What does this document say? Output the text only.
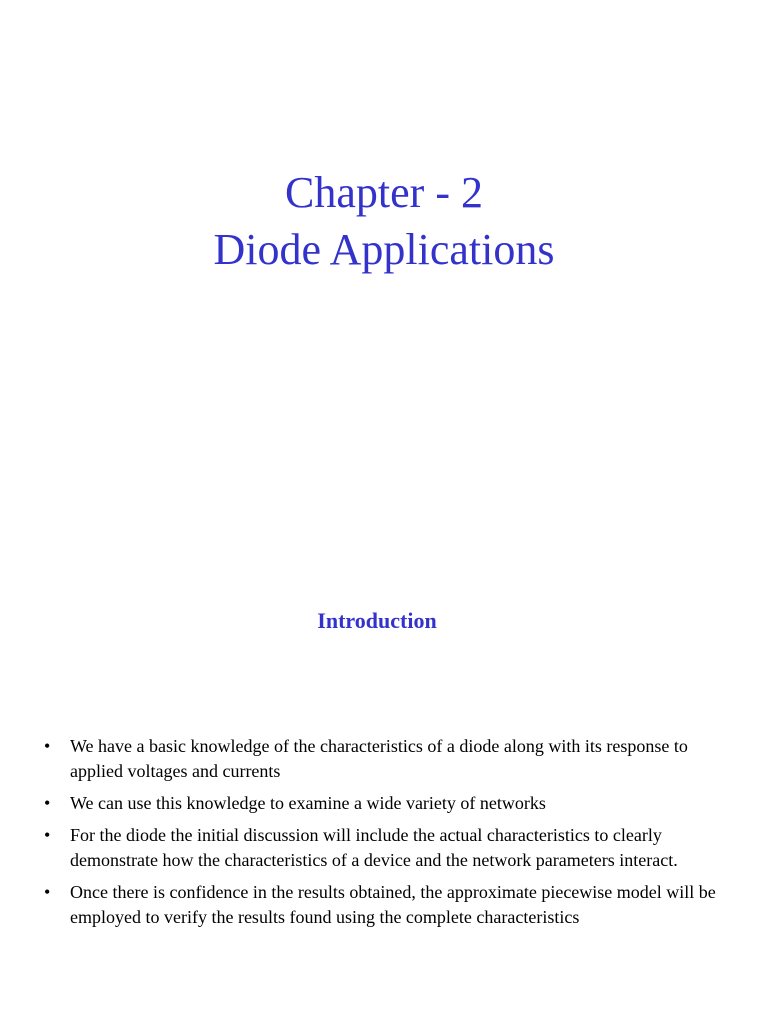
Chapter - 2
Diode Applications
Introduction
•	We have a basic knowledge of the characteristics of a diode along with its response to applied voltages and currents
•	We can use this knowledge to examine a wide variety of networks
•	For the diode the initial discussion will include the actual characteristics to clearly demonstrate how the characteristics of a device and the network parameters interact.
•	Once there is confidence in the results obtained, the approximate piecewise model will be employed to verify the results found using the complete characteristics
